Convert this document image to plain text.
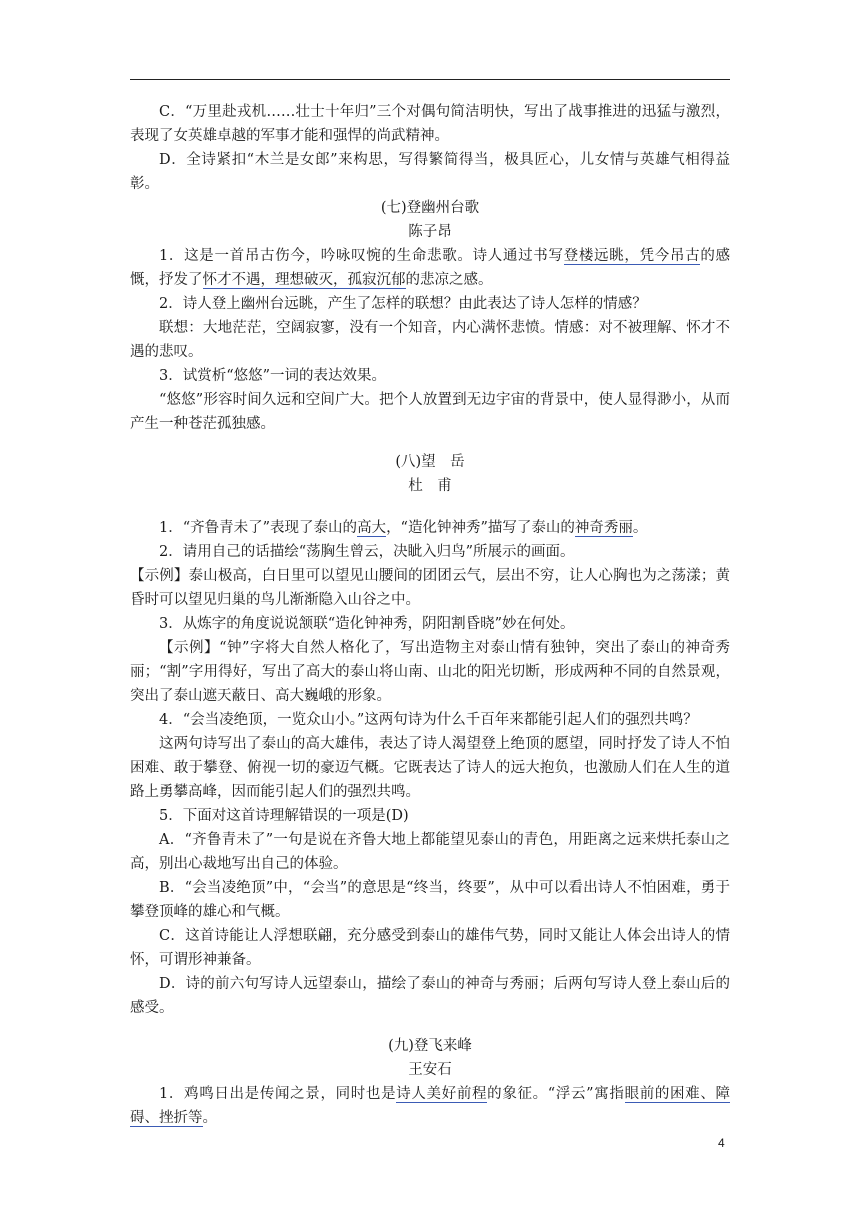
C．“万里赴戎机……壮士十年归”三个对偶句简洁明快，写出了战事推进的迅猛与激烈，表现了女英雄卓越的军事才能和强悍的尚武精神。

D．全诗紧扣“木兰是女郎”来构思，写得繁简得当，极具匠心，儿女情与英雄气相得益彰。

(七)登幽州台歌

陈子昂

1．这是一首吊古伤今，吟咏叹惋的生命悲歌。诗人通过书写登楼远眺，凭今吊古的感慨，抒发了怀才不遇，理想破灭，孤寂沉郁的悲凉之感。

2．诗人登上幽州台远眺，产生了怎样的联想？由此表达了诗人怎样的情感？

联想：大地茫茫，空阔寂寥，没有一个知音，内心满怀悲愤。情感：对不被理解、怀才不遇的悲叹。

3．试赏析“悠悠”一词的表达效果。

“悠悠”形容时间久远和空间广大。把个人放置到无边宇宙的背景中，使人显得渺小，从而产生一种苍茫孤独感。

(八)望　岳

杜　甫

1．“齐鲁青未了”表现了泰山的高大，“造化钟神秀”描写了泰山的神奇秀丽。

2．请用自己的话描绘“荡胸生曾云，决眦入归鸟”所展示的画面。

【示例】泰山极高，白日里可以望见山腰间的团团云气，层出不穷，让人心胸也为之荡漾；黄昏时可以望见归巢的鸟儿渐渐隐入山谷之中。

3．从炼字的角度说说颔联“造化钟神秀，阴阳割昏晓”妙在何处。

【示例】“钟”字将大自然人格化了，写出造物主对泰山情有独钟，突出了泰山的神奇秀丽；“割”字用得好，写出了高大的泰山将山南、山北的阳光切断，形成两种不同的自然景观，突出了泰山遮天蔽日、高大巍峨的形象。

4．“会当凌绝顶，一览众山小。”这两句诗为什么千百年来都能引起人们的强烈共鸣？

这两句诗写出了泰山的高大雄伟，表达了诗人渴望登上绝顶的愿望，同时抒发了诗人不怕困难、敢于攀登、俯视一切的豪迈气概。它既表达了诗人的远大抱负，也激励人们在人生的道路上勇攀高峰，因而能引起人们的强烈共鸣。

5．下面对这首诗理解错误的一项是(D)

A．“齐鲁青未了”一句是说在齐鲁大地上都能望见泰山的青色，用距离之远来烘托泰山之高，别出心裁地写出自己的体验。

B．“会当凌绝顶”中，“会当”的意思是“终当，终要”，从中可以看出诗人不怕困难，勇于攀登顶峰的雄心和气概。

C．这首诗能让人浮想联翩，充分感受到泰山的雄伟气势，同时又能让人体会出诗人的情怀，可谓形神兼备。

D．诗的前六句写诗人远望泰山，描绘了泰山的神奇与秀丽；后两句写诗人登上泰山后的感受。

(九)登飞来峰

王安石

1．鸡鸣日出是传闻之景，同时也是诗人美好前程的象征。“浮云”寓指眼前的困难、障碍、挫折等。

4
